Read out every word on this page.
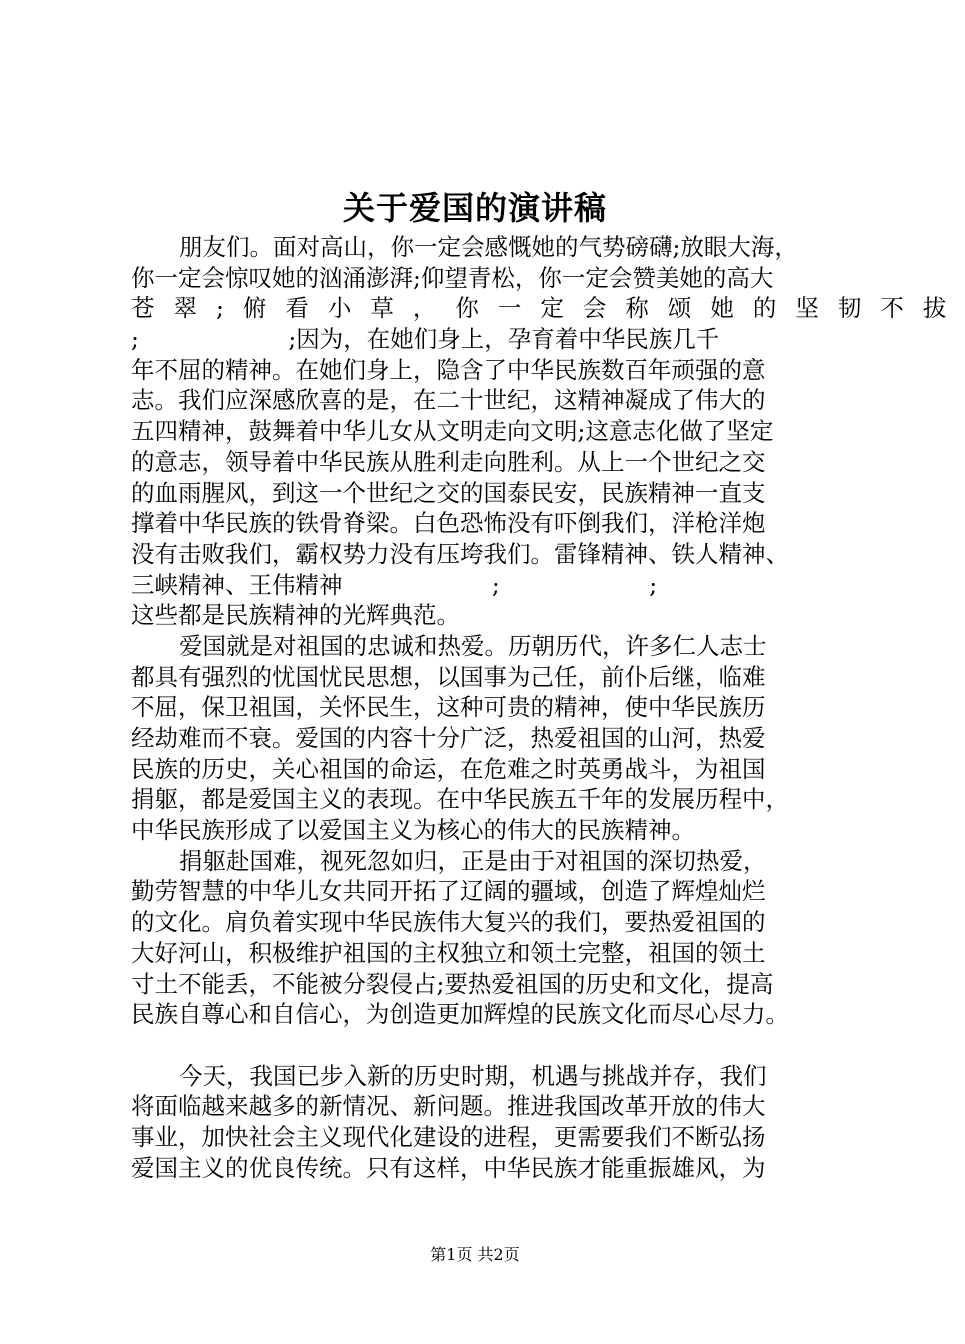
关于爱国的演讲稿
朋友们。面对高山，你一定会感慨她的气势磅礴;放眼大海，
你一定会惊叹她的汹涌澎湃;仰望青松，你一定会赞美她的高大
苍翠;俯看小草，你一定会称颂她的坚韧不拔
;                    ;因为，在她们身上，孕育着中华民族几千
年不屈的精神。在她们身上，隐含了中华民族数百年顽强的意
志。我们应深感欣喜的是，在二十世纪，这精神凝成了伟大的
五四精神，鼓舞着中华儿女从文明走向文明;这意志化做了坚定
的意志，领导着中华民族从胜利走向胜利。从上一个世纪之交
的血雨腥风，到这一个世纪之交的国泰民安，民族精神一直支
撑着中华民族的铁骨脊梁。白色恐怖没有吓倒我们，洋枪洋炮
没有击败我们，霸权势力没有压垮我们。雷锋精神、铁人精神、
三峡精神、王伟精神                    ;                    ;
这些都是民族精神的光辉典范。
爱国就是对祖国的忠诚和热爱。历朝历代，许多仁人志士
都具有强烈的忧国忧民思想，以国事为己任，前仆后继，临难
不屈，保卫祖国，关怀民生，这种可贵的精神，使中华民族历
经劫难而不衰。爱国的内容十分广泛，热爱祖国的山河，热爱
民族的历史，关心祖国的命运，在危难之时英勇战斗，为祖国
捐躯，都是爱国主义的表现。在中华民族五千年的发展历程中，
中华民族形成了以爱国主义为核心的伟大的民族精神。
捐躯赴国难，视死忽如归，正是由于对祖国的深切热爱，
勤劳智慧的中华儿女共同开拓了辽阔的疆域，创造了辉煌灿烂
的文化。肩负着实现中华民族伟大复兴的我们，要热爱祖国的
大好河山，积极维护祖国的主权独立和领土完整，祖国的领土
寸土不能丢，不能被分裂侵占;要热爱祖国的历史和文化，提高
民族自尊心和自信心，为创造更加辉煌的民族文化而尽心尽力。
今天，我国已步入新的历史时期，机遇与挑战并存，我们
将面临越来越多的新情况、新问题。推进我国改革开放的伟大
事业，加快社会主义现代化建设的进程，更需要我们不断弘扬
爱国主义的优良传统。只有这样，中华民族才能重振雄风，为
第1页 共2页
